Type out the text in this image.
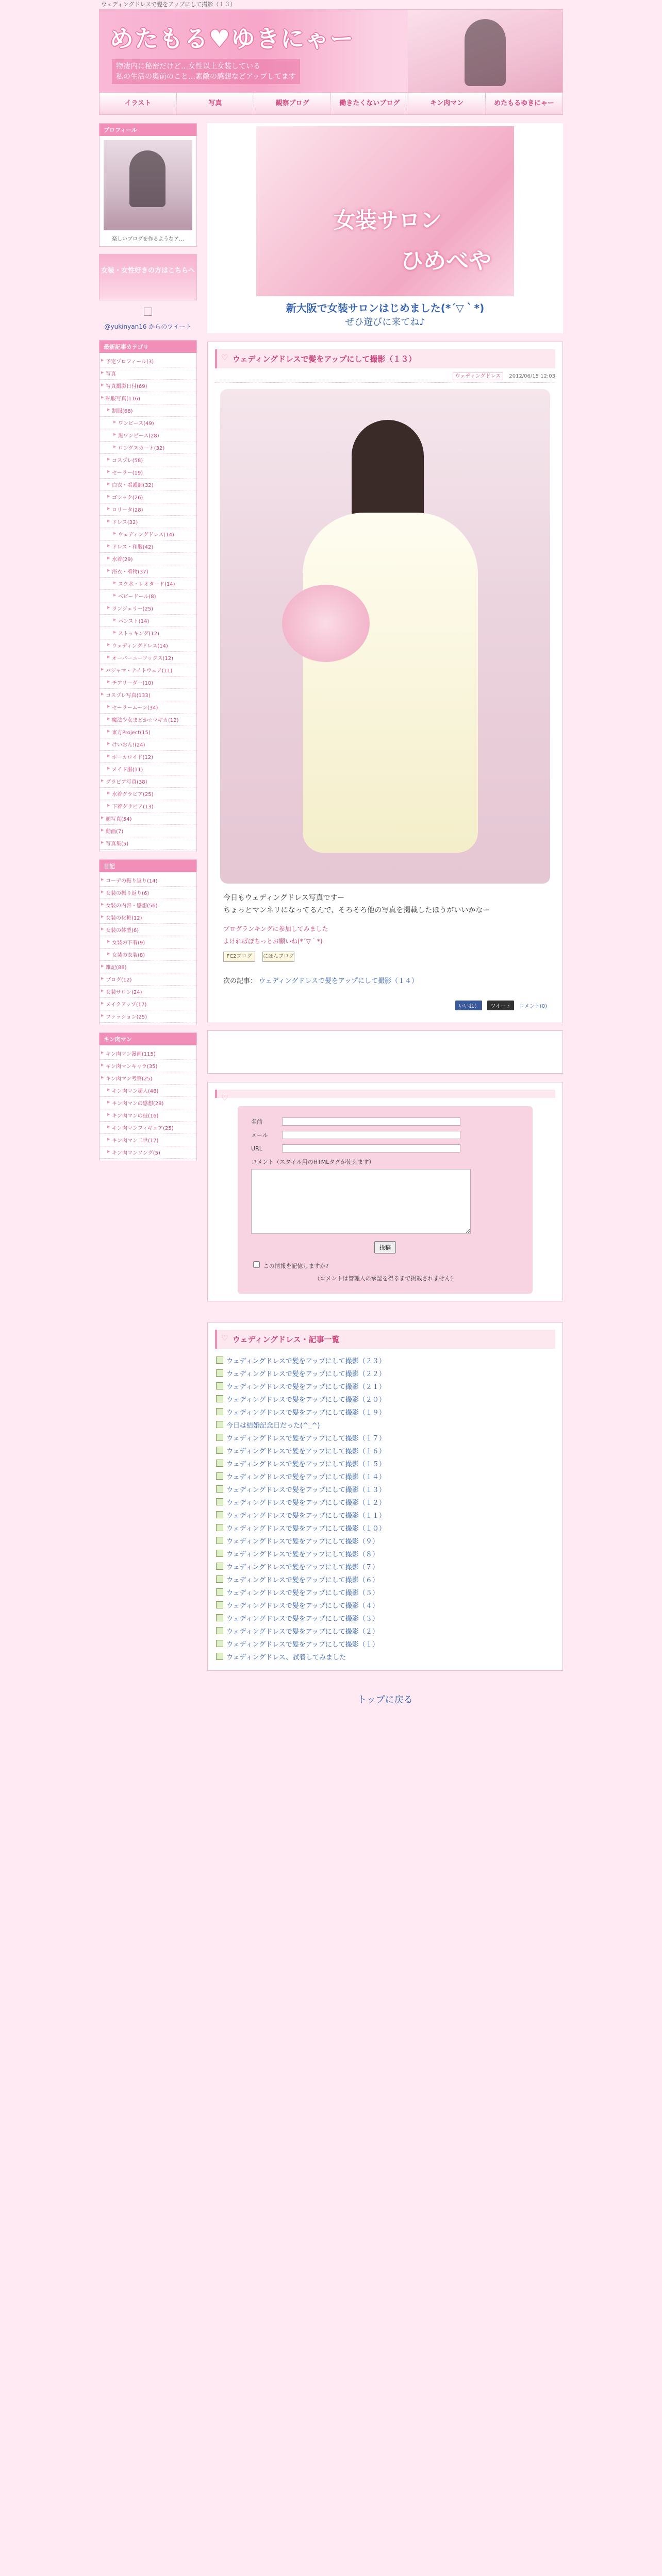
ウェディングドレスで髪をアップにして撮影（１３）
めたもる♥ゆきにゃー
物凄内に秘密だけど…女性以上女装している
私の生活の奥前のこと…素敵の感想などアップしてます
イラスト	写真	観察ブログ	働きたくないブログ	キン肉マン	めたもるゆきにゃー
プロフィール
楽しいブログを作るようなア…
女装・女性好きの方はこちらへ
@yukinyan16 からのツイート
最新記事カテゴリ
▶ 予定プロフィール(3)
▶ 写真
▶ 写真撮影日付(69)
▶ 私服写真(116)
▶ 制服(68)
▶ ワンピース(49)
▶ 黒ワンピース(28)
▶ ロングスカート(32)
▶ コスプレ(58)
▶ セーラー(19)
▶ 白衣・看護師(32)
▶ ゴシック(26)
▶ ロリータ(28)
▶ ドレス(32)
▶ ウェディングドレス(14)
▶ ドレス・和服(42)
▶ 水着(29)
▶ 浴衣・着物(37)
▶ スク水・レオタード(14)
▶ ベビードール(8)
▶ ランジェリー(25)
▶ パンスト(14)
▶ ストッキング(12)
▶ ウェディングドレス(14)
▶ オーバーニーソックス(12)
▶ パジャマ・ナイトウェア(11)
▶ チアリーダー(10)
▶ コスプレ写真(133)
▶ セーラームーン(34)
▶ 魔法少女まどか☆マギカ(12)
▶ 東方Project(15)
▶ けいおん!(24)
▶ ボーカロイド(12)
▶ メイド服(11)
▶ グラビア写真(38)
▶ 水着グラビア(25)
▶ 下着グラビア(13)
▶ 顔写真(54)
▶ 動画(7)
▶ 写真集(5)
日記
▶ コーデの振り返り(14)
▶ 女装の振り返り(6)
▶ 女装の内容・感想(56)
▶ 女装の化粧(12)
▶ 女装の体型(6)
▶ 女装の下着(9)
▶ 女装の衣装(8)
▶ 雑記(88)
▶ ブログ(12)
▶ 女装サロン(24)
▶ メイクアップ(17)
▶ ファッション(25)
キン肉マン
▶ キン肉マン漫画(115)
▶ キン肉マンキャラ(35)
▶ キン肉マン考察(25)
▶ キン肉マン超人(46)
▶ キン肉マンの感想(28)
▶ キン肉マンの技(16)
▶ キン肉マンフィギュア(25)
▶ キン肉マン二世(17)
▶ キン肉マンソング(5)
女装サロン
ひめべや
新大阪で女装サロンはじめました(*´▽｀*)
ぜひ遊びに来てね♪
♡ ウェディングドレスで髪をアップにして撮影（１３）
ウェディングドレス 2012/06/15 12:03
今日もウェディングドレス写真ですー
ちょっとマンネリになってるんで、そろそろ他の写真を掲載したほうがいいかなー
ブログランキングに参加してみました
よければぽちっとお願いね(*´▽｀*)
FC2ブログ	にほんブログ
次の記事： ウェディングドレスで髪をアップにして撮影（１４）
いいね！	ツイート	コメント(0)
♡
名前
メール
URL
コメント（スタイル用のHTMLタグが使えます）
投稿
この情報を記憶しますか?
（コメントは管理人の承認を得るまで掲載されません）
♡ ウェディングドレス・記事一覧
ウェディングドレスで髪をアップにして撮影（２３）
ウェディングドレスで髪をアップにして撮影（２２）
ウェディングドレスで髪をアップにして撮影（２１）
ウェディングドレスで髪をアップにして撮影（２０）
ウェディングドレスで髪をアップにして撮影（１９）
今日は結婚記念日だった(^_^)
ウェディングドレスで髪をアップにして撮影（１７）
ウェディングドレスで髪をアップにして撮影（１６）
ウェディングドレスで髪をアップにして撮影（１５）
ウェディングドレスで髪をアップにして撮影（１４）
ウェディングドレスで髪をアップにして撮影（１３）
ウェディングドレスで髪をアップにして撮影（１２）
ウェディングドレスで髪をアップにして撮影（１１）
ウェディングドレスで髪をアップにして撮影（１０）
ウェディングドレスで髪をアップにして撮影（９）
ウェディングドレスで髪をアップにして撮影（８）
ウェディングドレスで髪をアップにして撮影（７）
ウェディングドレスで髪をアップにして撮影（６）
ウェディングドレスで髪をアップにして撮影（５）
ウェディングドレスで髪をアップにして撮影（４）
ウェディングドレスで髪をアップにして撮影（３）
ウェディングドレスで髪をアップにして撮影（２）
ウェディングドレスで髪をアップにして撮影（１）
ウェディングドレス、試着してみました
トップに戻る
